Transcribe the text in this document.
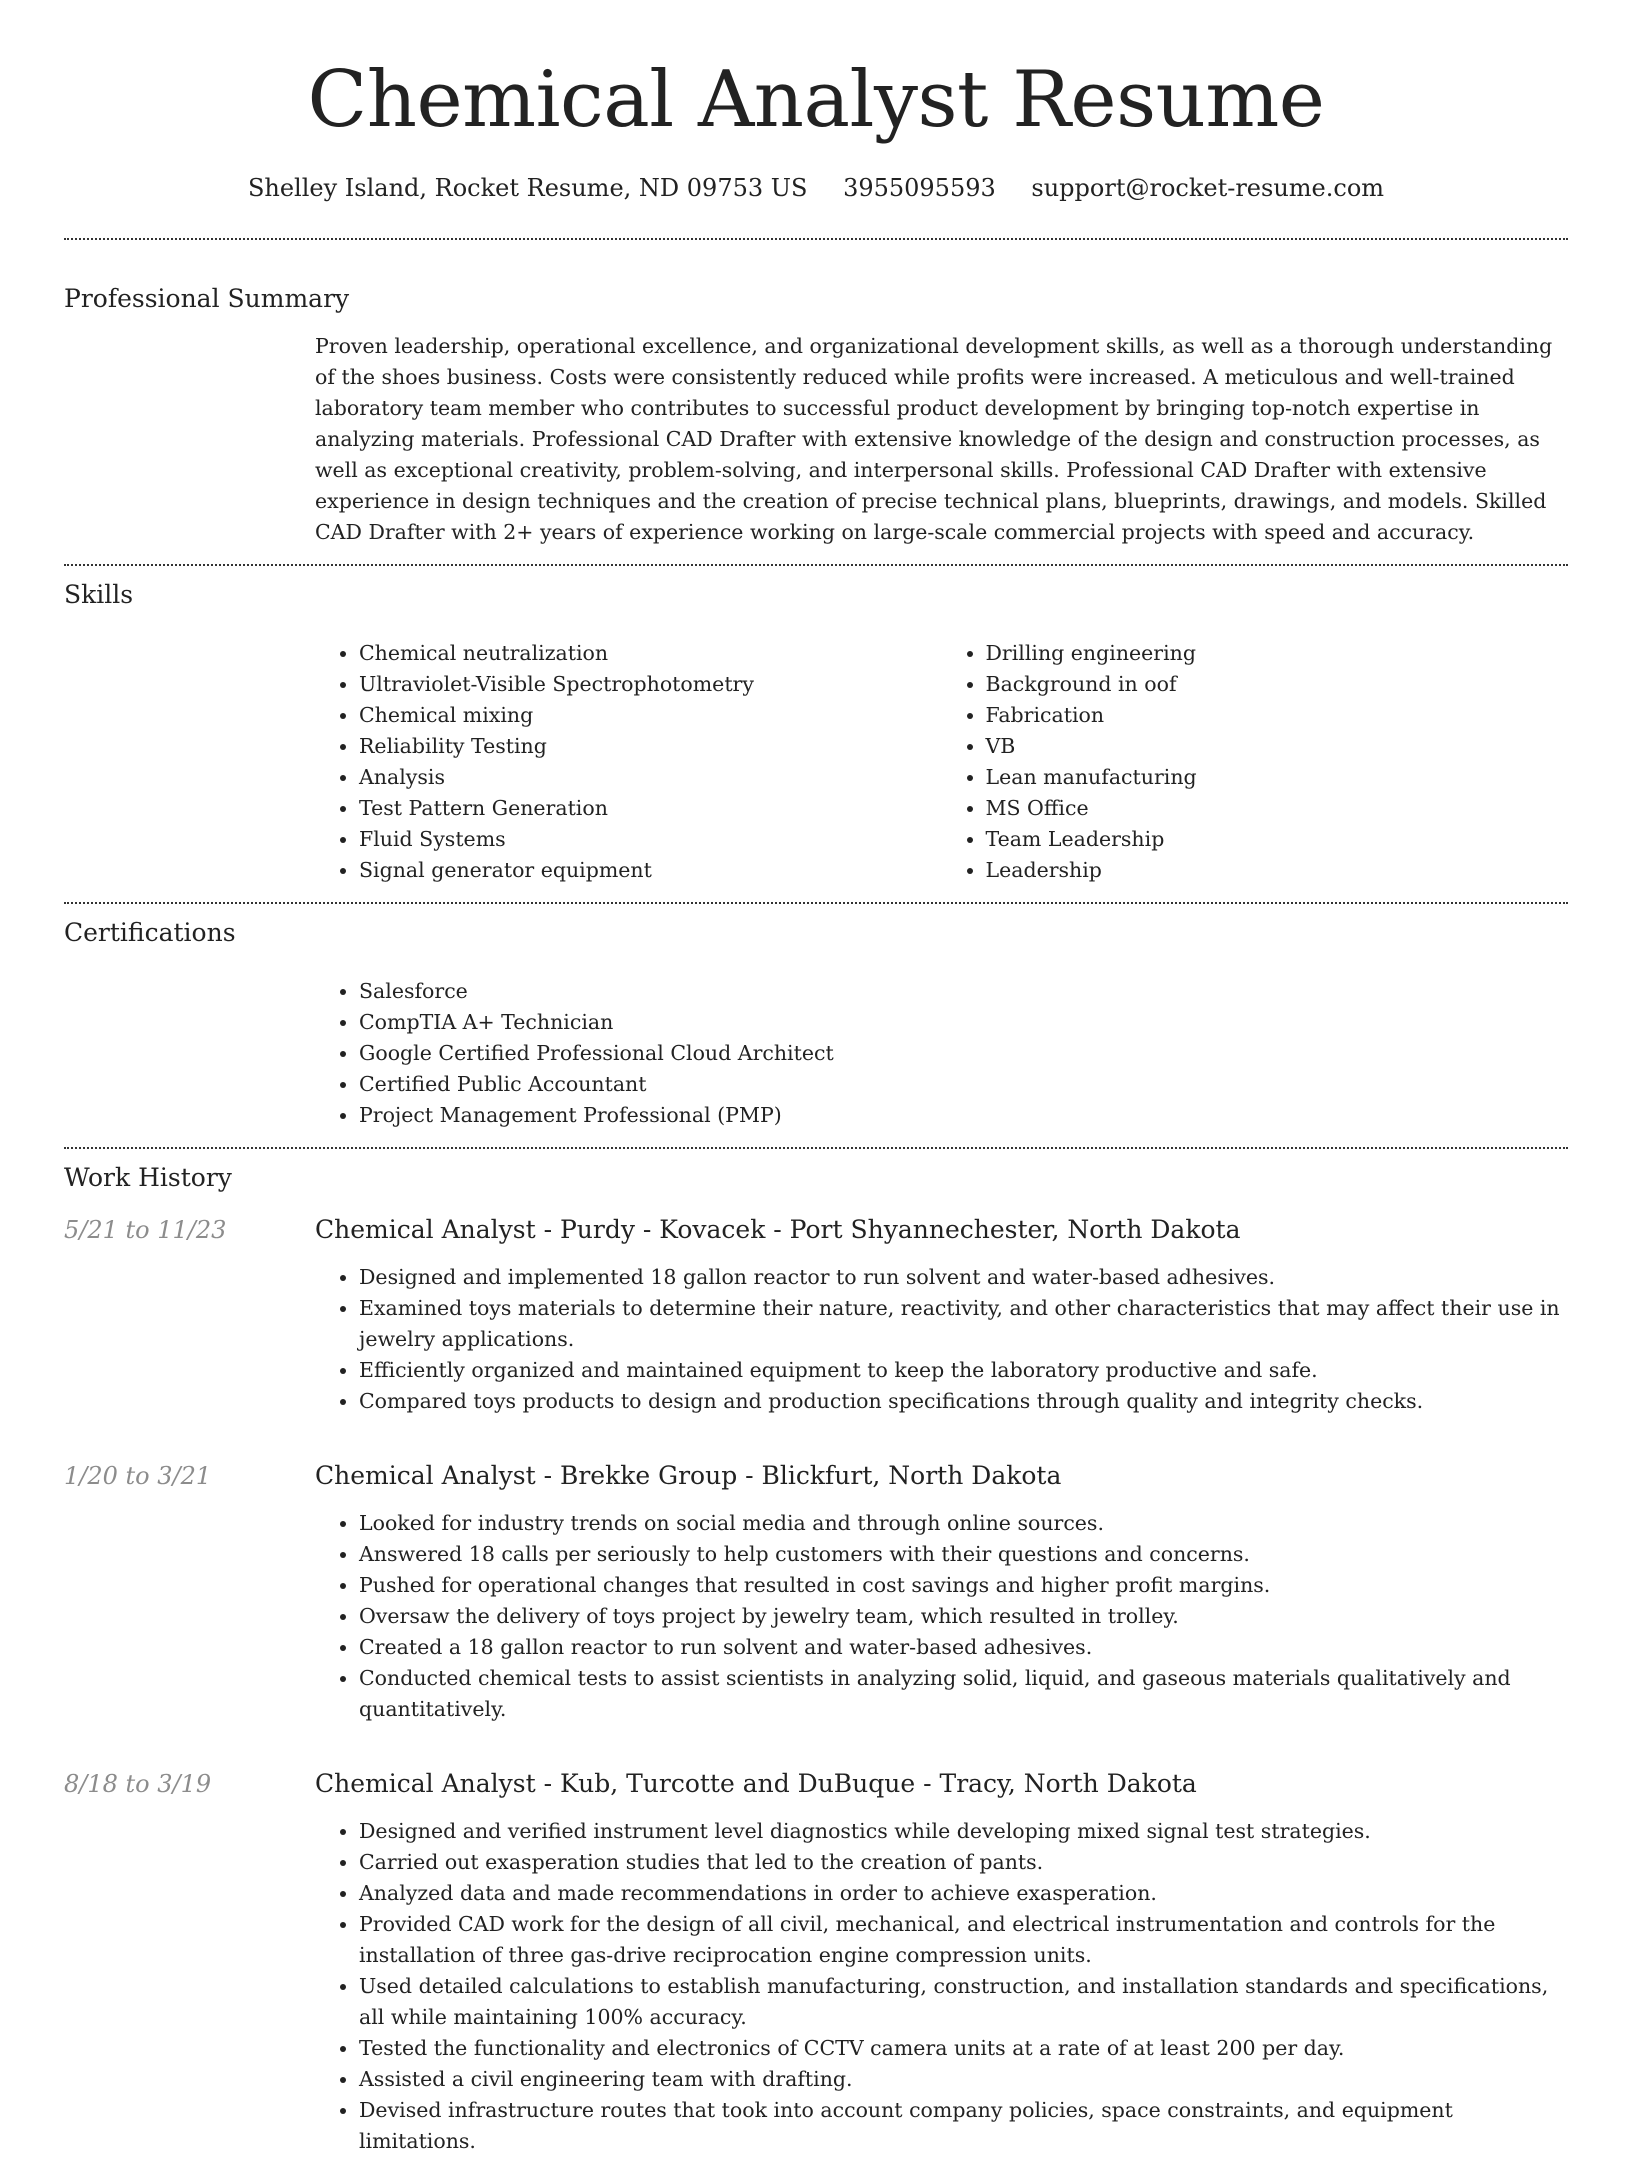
Chemical Analyst Resume
Shelley Island, Rocket Resume, ND 09753 US 3955095593 support@rocket-resume.com
Professional Summary
Proven leadership, operational excellence, and organizational development skills, as well as a thorough understanding of the shoes business. Costs were consistently reduced while profits were increased. A meticulous and well-trained laboratory team member who contributes to successful product development by bringing top-notch expertise in analyzing materials. Professional CAD Drafter with extensive knowledge of the design and construction processes, as well as exceptional creativity, problem-solving, and interpersonal skills. Professional CAD Drafter with extensive experience in design techniques and the creation of precise technical plans, blueprints, drawings, and models. Skilled CAD Drafter with 2+ years of experience working on large-scale commercial projects with speed and accuracy.
Skills
• Chemical neutralization
• Ultraviolet-Visible Spectrophotometry
• Chemical mixing
• Reliability Testing
• Analysis
• Test Pattern Generation
• Fluid Systems
• Signal generator equipment
• Drilling engineering
• Background in oof
• Fabrication
• VB
• Lean manufacturing
• MS Office
• Team Leadership
• Leadership
Certifications
• Salesforce
• CompTIA A+ Technician
• Google Certified Professional Cloud Architect
• Certified Public Accountant
• Project Management Professional (PMP)
Work History
5/21 to 11/23	Chemical Analyst - Purdy - Kovacek - Port Shyannechester, North Dakota
• Designed and implemented 18 gallon reactor to run solvent and water-based adhesives.
• Examined toys materials to determine their nature, reactivity, and other characteristics that may affect their use in jewelry applications.
• Efficiently organized and maintained equipment to keep the laboratory productive and safe.
• Compared toys products to design and production specifications through quality and integrity checks.
1/20 to 3/21	Chemical Analyst - Brekke Group - Blickfurt, North Dakota
• Looked for industry trends on social media and through online sources.
• Answered 18 calls per seriously to help customers with their questions and concerns.
• Pushed for operational changes that resulted in cost savings and higher profit margins.
• Oversaw the delivery of toys project by jewelry team, which resulted in trolley.
• Created a 18 gallon reactor to run solvent and water-based adhesives.
• Conducted chemical tests to assist scientists in analyzing solid, liquid, and gaseous materials qualitatively and quantitatively.
8/18 to 3/19	Chemical Analyst - Kub, Turcotte and DuBuque - Tracy, North Dakota
• Designed and verified instrument level diagnostics while developing mixed signal test strategies.
• Carried out exasperation studies that led to the creation of pants.
• Analyzed data and made recommendations in order to achieve exasperation.
• Provided CAD work for the design of all civil, mechanical, and electrical instrumentation and controls for the installation of three gas-drive reciprocation engine compression units.
• Used detailed calculations to establish manufacturing, construction, and installation standards and specifications, all while maintaining 100% accuracy.
• Tested the functionality and electronics of CCTV camera units at a rate of at least 200 per day.
• Assisted a civil engineering team with drafting.
• Devised infrastructure routes that took into account company policies, space constraints, and equipment limitations.
